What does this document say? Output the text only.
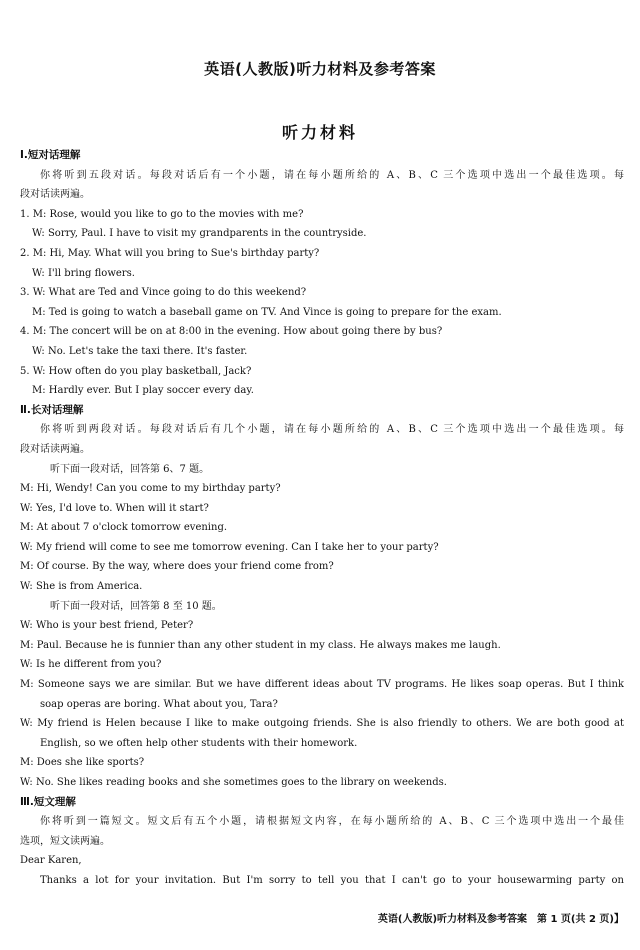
英语(人教版)听力材料及参考答案
听力材料
Ⅰ.短对话理解
你将听到五段对话。每段对话后有一个小题，请在每小题所给的 A、B、C 三个选项中选出一个最佳选项。每
段对话读两遍。
1. M: Rose, would you like to go to the movies with me?
W: Sorry, Paul. I have to visit my grandparents in the countryside.
2. M: Hi, May. What will you bring to Sue's birthday party?
W: I'll bring flowers.
3. W: What are Ted and Vince going to do this weekend?
M: Ted is going to watch a baseball game on TV. And Vince is going to prepare for the exam.
4. M: The concert will be on at 8:00 in the evening. How about going there by bus?
W: No. Let's take the taxi there. It's faster.
5. W: How often do you play basketball, Jack?
M: Hardly ever. But I play soccer every day.
Ⅱ.长对话理解
你将听到两段对话。每段对话后有几个小题，请在每小题所给的 A、B、C 三个选项中选出一个最佳选项。每
段对话读两遍。
听下面一段对话，回答第 6、7 题。
M: Hi, Wendy! Can you come to my birthday party?
W: Yes, I'd love to. When will it start?
M: At about 7 o'clock tomorrow evening.
W: My friend will come to see me tomorrow evening. Can I take her to your party?
M: Of course. By the way, where does your friend come from?
W: She is from America.
听下面一段对话，回答第 8 至 10 题。
W: Who is your best friend, Peter?
M: Paul. Because he is funnier than any other student in my class. He always makes me laugh.
W: Is he different from you?
M: Someone says we are similar. But we have different ideas about TV programs. He likes soap operas. But I think
soap operas are boring. What about you, Tara?
W: My friend is Helen because I like to make outgoing friends. She is also friendly to others. We are both good at
English, so we often help other students with their homework.
M: Does she like sports?
W: No. She likes reading books and she sometimes goes to the library on weekends.
Ⅲ.短文理解
你将听到一篇短文。短文后有五个小题，请根据短文内容，在每小题所给的 A、B、C 三个选项中选出一个最佳
选项，短文读两遍。
Dear Karen,
Thanks a lot for your invitation. But I'm sorry to tell you that I can't go to your housewarming party on
英语(人教版)听力材料及参考答案　第 1 页(共 2 页)】
